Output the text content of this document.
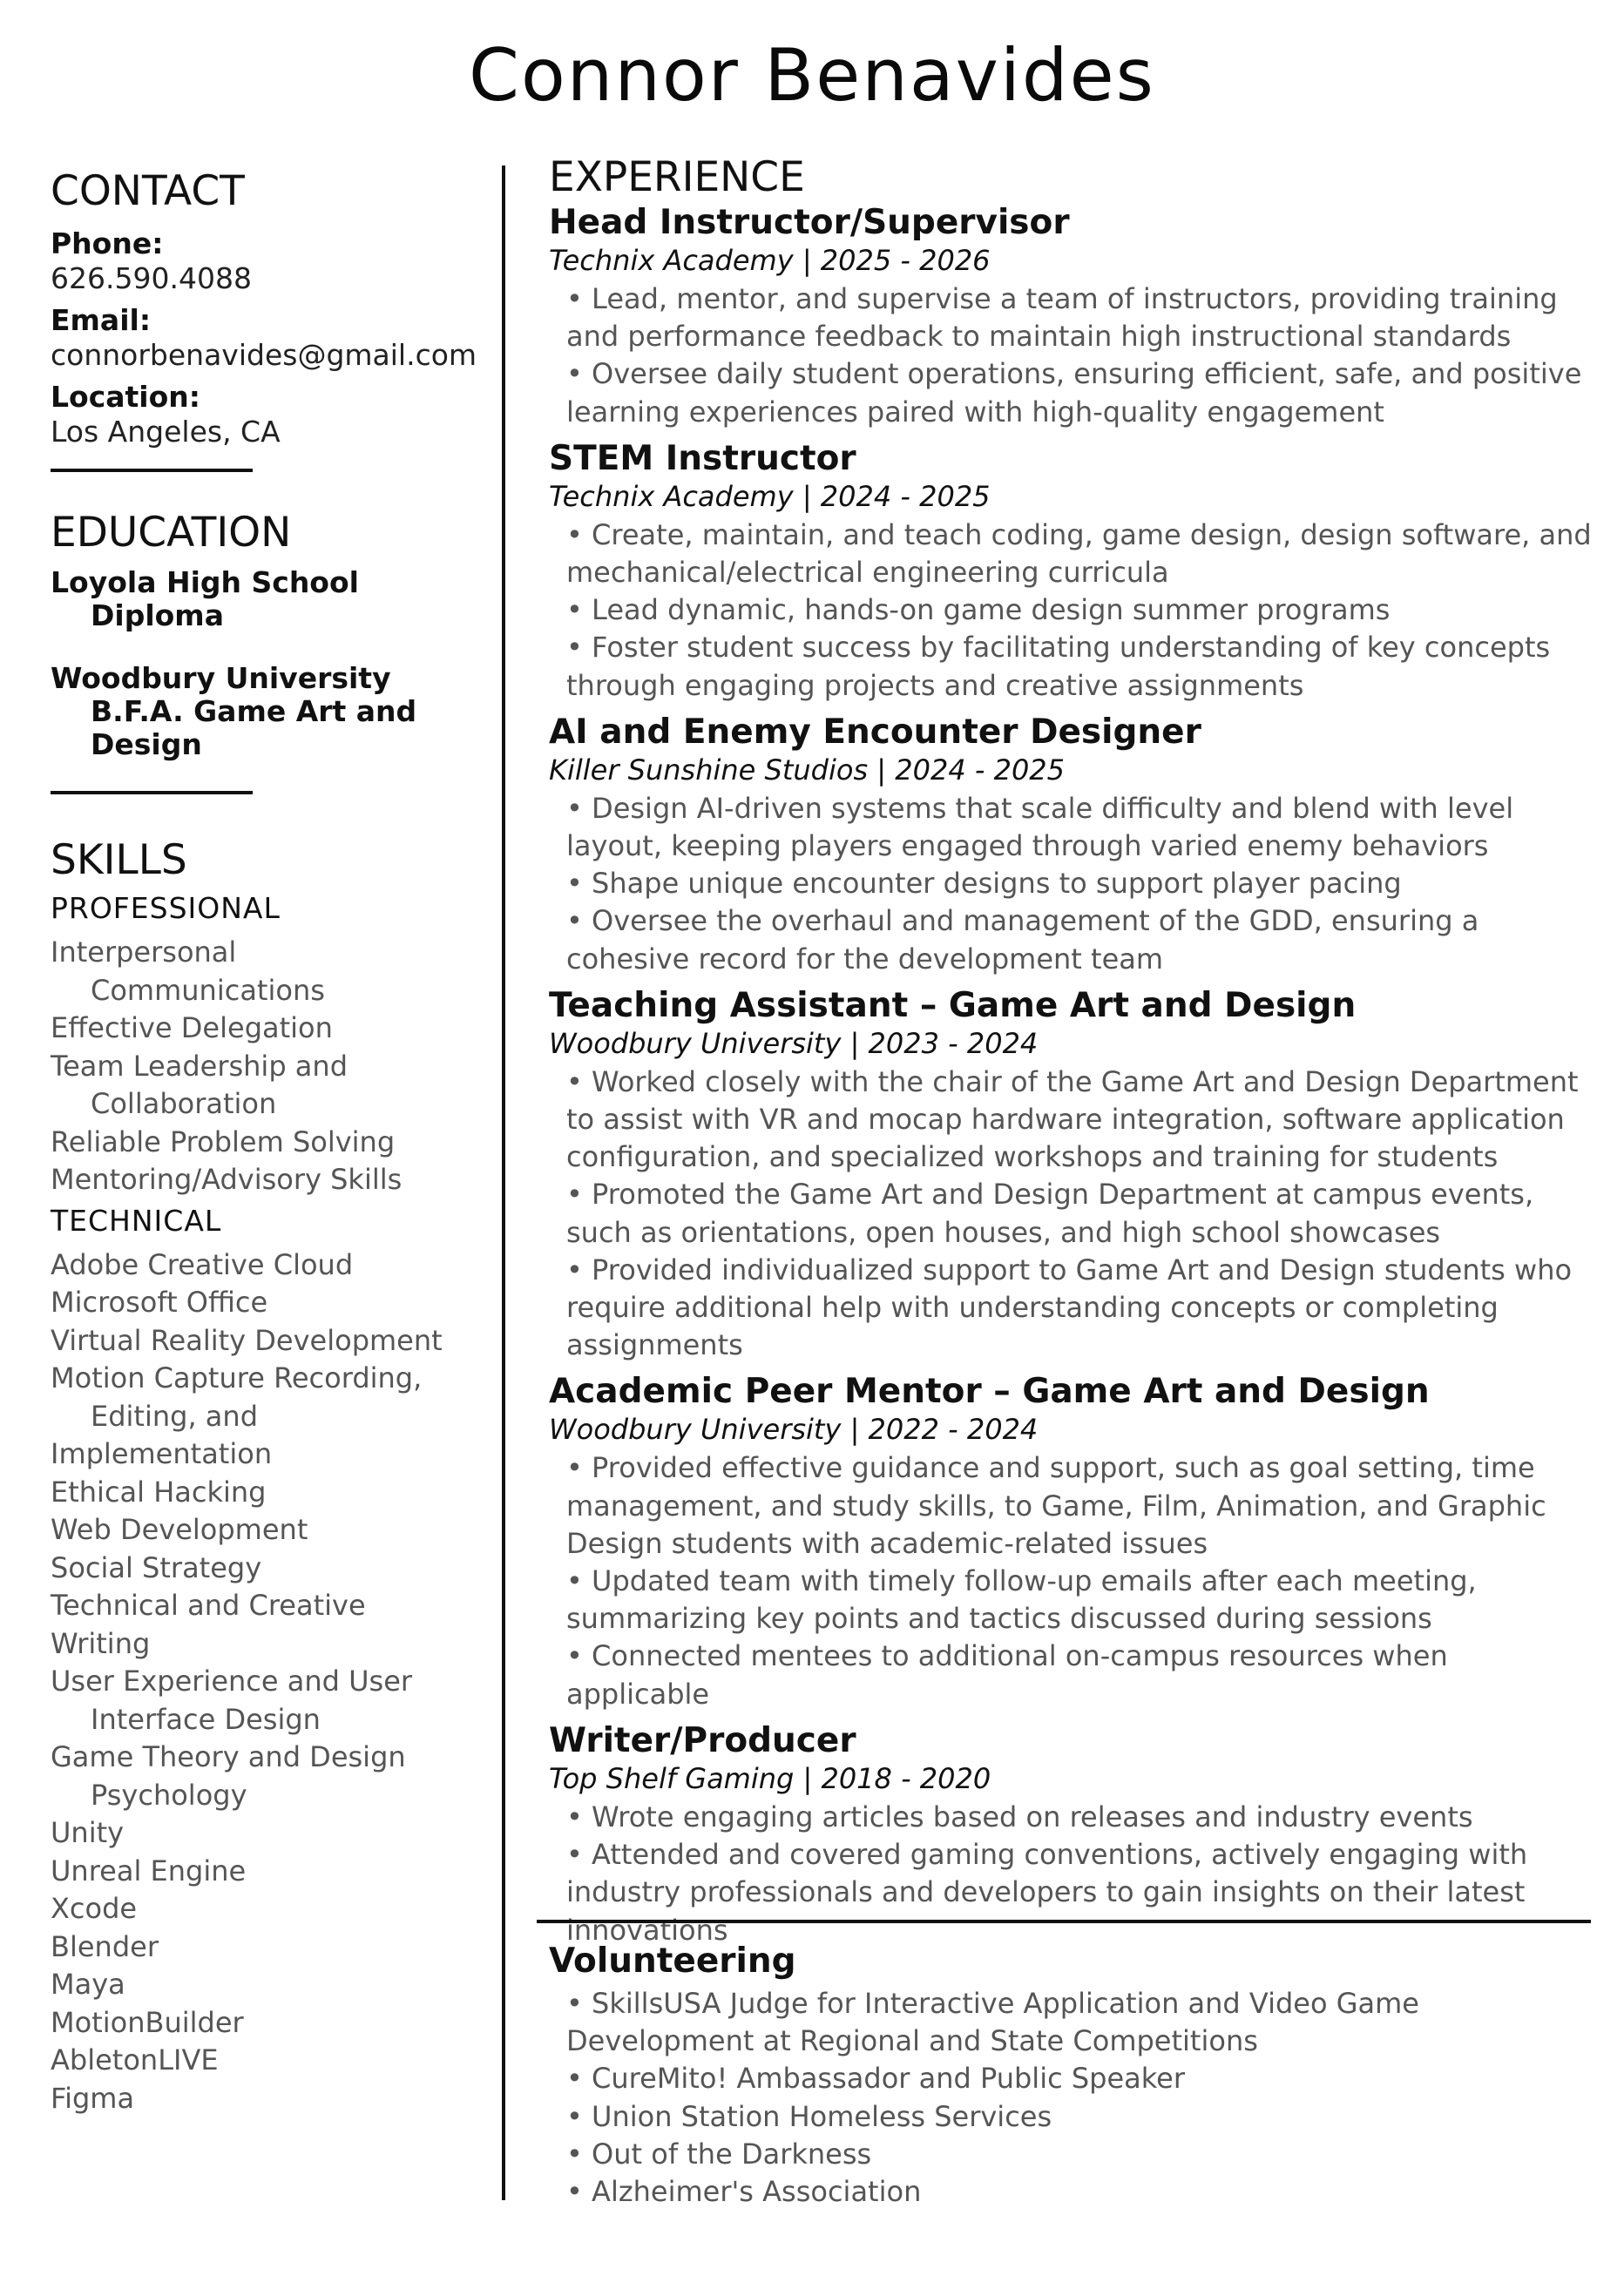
Connor Benavides
CONTACT

Phone:

626.590.4088

Email:

connorbenavides@gmail.com

Location:

Los Angeles, CA

EDUCATION

Loyola High School

Diploma

Woodbury University

B.F.A. Game Art and Design

SKILLS

PROFESSIONAL

Interpersonal
Communications
Effective Delegation
Team Leadership and
Collaboration
Reliable Problem Solving
Mentoring/Advisory Skills

TECHNICAL

Adobe Creative Cloud
Microsoft Office
Virtual Reality Development
Motion Capture Recording,
Editing, and
Implementation
Ethical Hacking
Web Development
Social Strategy
Technical and Creative
Writing
User Experience and User
Interface Design
Game Theory and Design
Psychology
Unity
Unreal Engine
Xcode
Blender
Maya
MotionBuilder
AbletonLIVE
Figma
EXPERIENCE
Head Instructor/Supervisor

Technix Academy | 2025 - 2026

• Lead, mentor, and supervise a team of instructors, providing training and performance feedback to maintain high instructional standards
• Oversee daily student operations, ensuring efficient, safe, and positive learning experiences paired with high-quality engagement
STEM Instructor

Technix Academy | 2024 - 2025

• Create, maintain, and teach coding, game design, design software, and mechanical/electrical engineering curricula
• Lead dynamic, hands-on game design summer programs
• Foster student success by facilitating understanding of key concepts through engaging projects and creative assignments
AI and Enemy Encounter Designer

Killer Sunshine Studios | 2024 - 2025

• Design AI-driven systems that scale difficulty and blend with level layout, keeping players engaged through varied enemy behaviors
• Shape unique encounter designs to support player pacing
• Oversee the overhaul and management of the GDD, ensuring a cohesive record for the development team
Teaching Assistant – Game Art and Design

Woodbury University | 2023 - 2024

• Worked closely with the chair of the Game Art and Design Department to assist with VR and mocap hardware integration, software application configuration, and specialized workshops and training for students
• Promoted the Game Art and Design Department at campus events, such as orientations, open houses, and high school showcases
• Provided individualized support to Game Art and Design students who require additional help with understanding concepts or completing assignments
Academic Peer Mentor – Game Art and Design

Woodbury University | 2022 - 2024

• Provided effective guidance and support, such as goal setting, time management, and study skills, to Game, Film, Animation, and Graphic Design students with academic-related issues
• Updated team with timely follow-up emails after each meeting, summarizing key points and tactics discussed during sessions
• Connected mentees to additional on-campus resources when applicable
Writer/Producer

Top Shelf Gaming | 2018 - 2020

• Wrote engaging articles based on releases and industry events
• Attended and covered gaming conventions, actively engaging with industry professionals and developers to gain insights on their latest innovations
Volunteering
• SkillsUSA Judge for Interactive Application and Video Game Development at Regional and State Competitions
• CureMito! Ambassador and Public Speaker
• Union Station Homeless Services
• Out of the Darkness
• Alzheimer's Association
